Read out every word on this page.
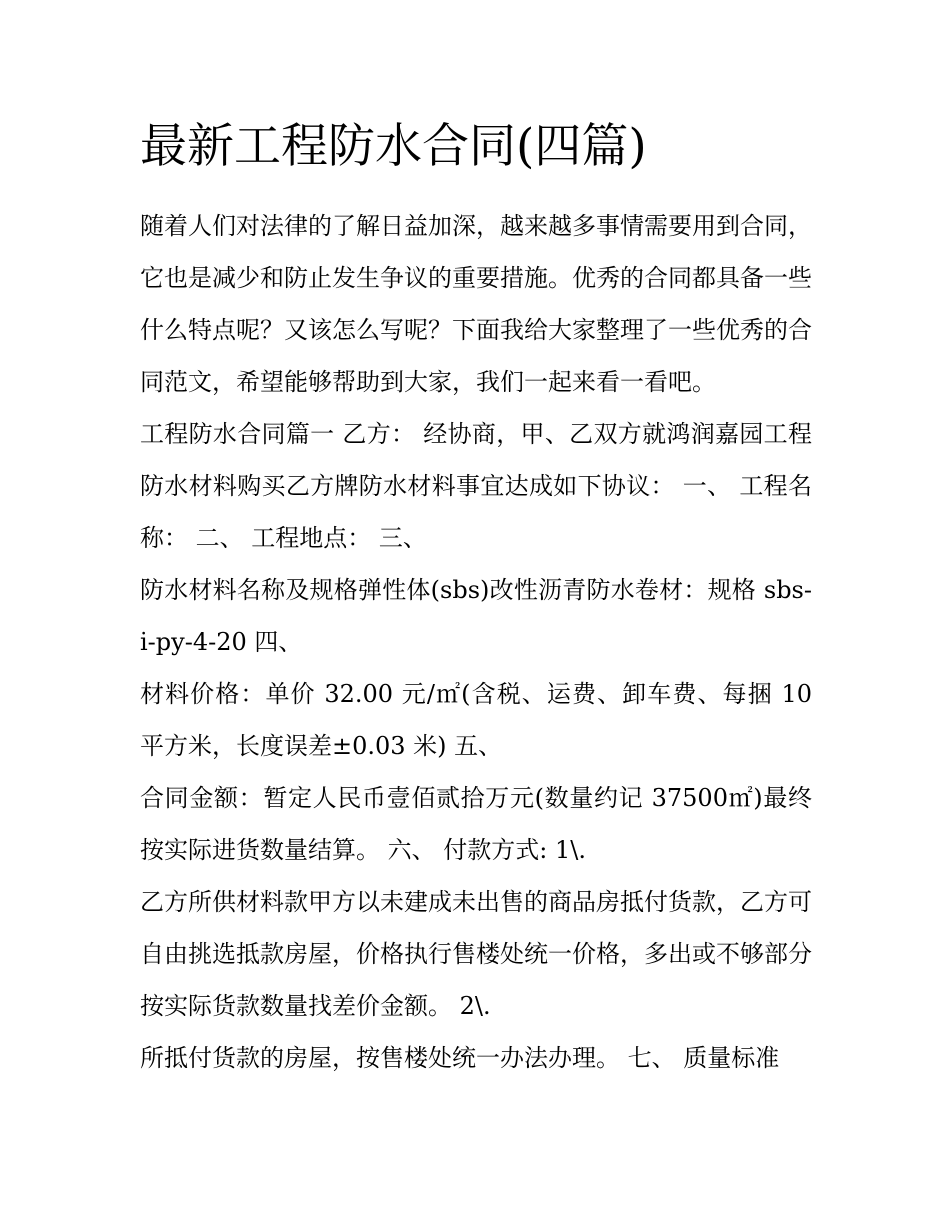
最新工程防水合同(四篇)

随着人们对法律的了解日益加深，越来越多事情需要用到合同，它也是减少和防止发生争议的重要措施。优秀的合同都具备一些什么特点呢？又该怎么写呢？下面我给大家整理了一些优秀的合同范文，希望能够帮助到大家，我们一起来看一看吧。

工程防水合同篇一 乙方： 经协商，甲、乙双方就鸿润嘉园工程防水材料购买乙方牌防水材料事宜达成如下协议： 一、 工程名称： 二、 工程地点： 三、

防水材料名称及规格弹性体(sbs)改性沥青防水卷材：规格 sbs-i-py-4-20 四、

材料价格：单价 32.00 元/㎡(含税、运费、卸车费、每捆 10 平方米，长度误差±0.03 米) 五、

合同金额：暂定人民币壹佰贰拾万元(数量约记 37500㎡)最终按实际进货数量结算。 六、 付款方式: 1\.

乙方所供材料款甲方以未建成未出售的商品房抵付货款，乙方可自由挑选抵款房屋，价格执行售楼处统一价格，多出或不够部分按实际货款数量找差价金额。 2\.

所抵付货款的房屋，按售楼处统一办法办理。 七、 质量标准
